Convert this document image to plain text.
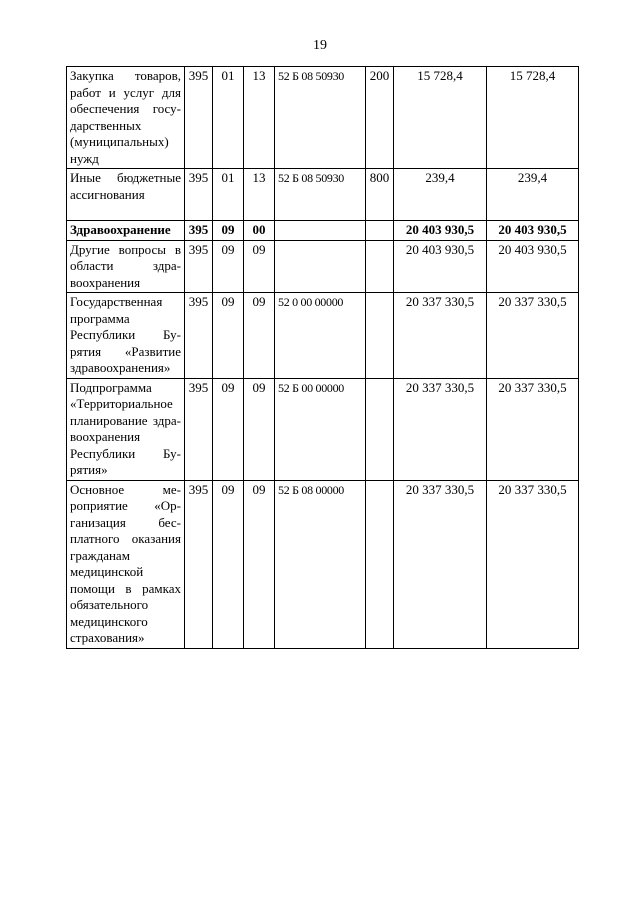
19
Закупка товаров, работ и услуг для обеспечения государственных (муниципальных) нужд	395	01	13	52 Б 08 50930	200	15 728,4	15 728,4
Иные бюджетные ассигнования	395	01	13	52 Б 08 50930	800	239,4	239,4
Здравоохранение	395	09	00			20 403 930,5	20 403 930,5
Другие вопросы в области здравоохранения	395	09	09			20 403 930,5	20 403 930,5
Государственная программа Республики Бурятия «Развитие здравоохранения»	395	09	09	52 0 00 00000		20 337 330,5	20 337 330,5
Подпрограмма «Территориальное планирование здравоохранения Республики Бурятия»	395	09	09	52 Б 00 00000		20 337 330,5	20 337 330,5
Основное мероприятие «Организация бесплатного оказания гражданам медицинской помощи в рамках обязательного медицинского страхования»	395	09	09	52 Б 08 00000		20 337 330,5	20 337 330,5
